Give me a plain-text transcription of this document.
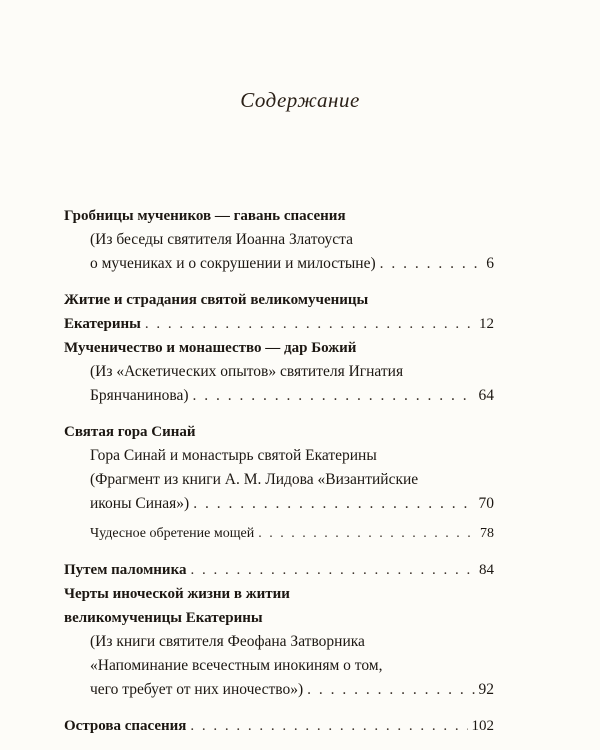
Содержание
Гробницы мучеников — гавань спасения
(Из беседы святителя Иоанна Златоуста
о мучениках и о сокрушении и милостыне) . . .	6
Житие и страдания святой великомученицы
Екатерины . . .	12
Мученичество и монашество — дар Божий
(Из «Аскетических опытов» святителя Игнатия
Брянчанинова) . . .	64
Святая гора Синай
Гора Синай и монастырь святой Екатерины
(Фрагмент из книги А. М. Лидова «Византийские
иконы Синая») . . .	70
Чудесное обретение мощей . . .	78
Путем паломника . . .	84
Черты иноческой жизни в житии
великомученицы Екатерины
(Из книги святителя Феофана Затворника
«Напоминание всечестным инокиням о том,
чего требует от них иночество») . . .	92
Острова спасения . . .	102
